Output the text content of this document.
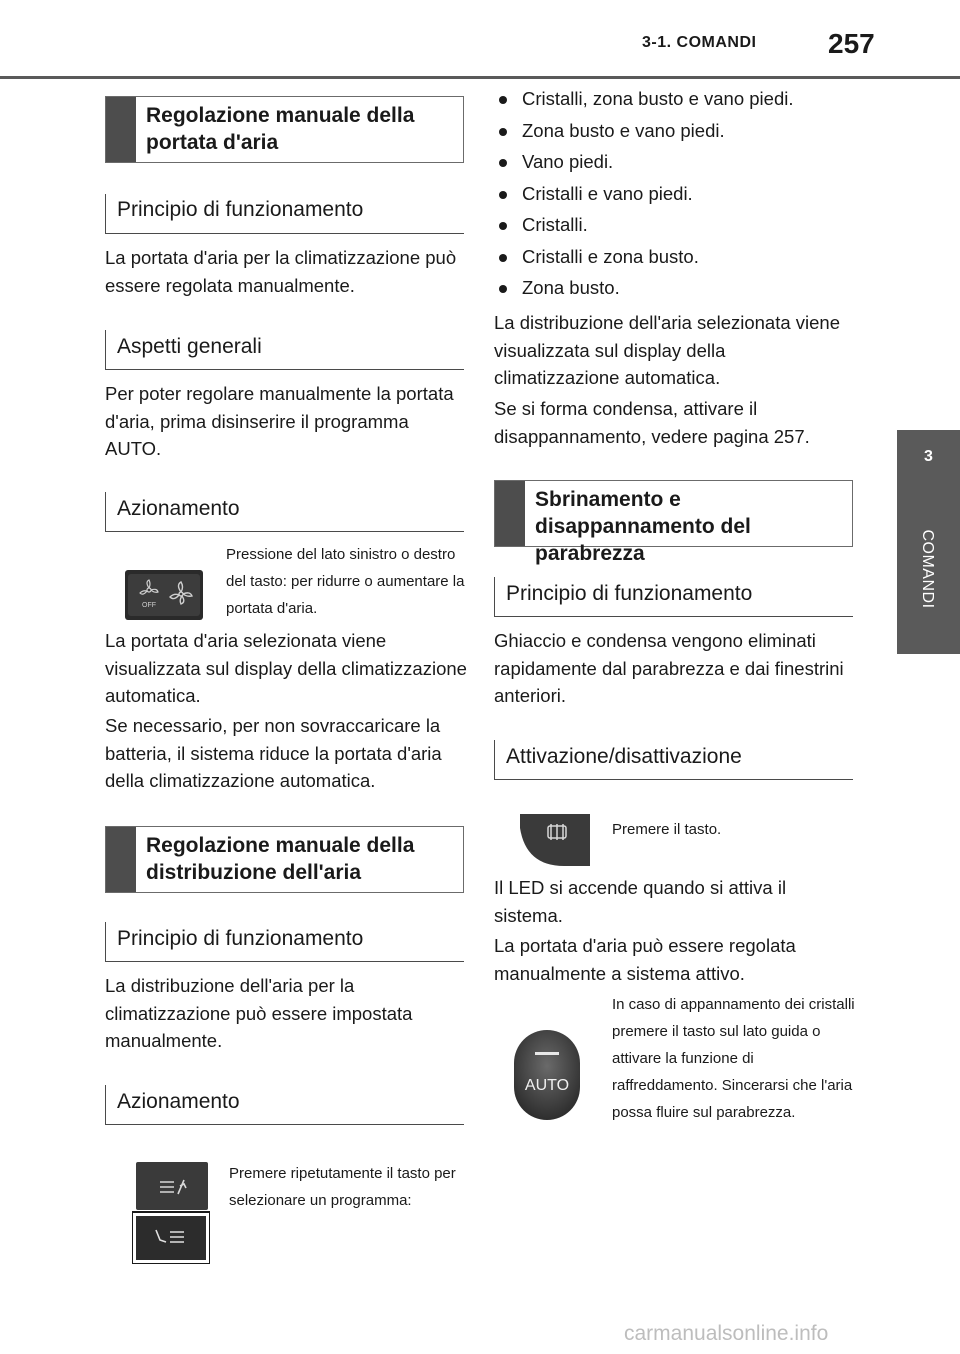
3-1. COMANDI	257
3
COMANDI
Regolazione manuale della portata d'aria
Principio di funzionamento
La portata d'aria per la climatizzazione può essere regolata manualmente.
Aspetti generali
Per poter regolare manualmente la portata d'aria, prima disinserire il programma AUTO.
Azionamento
OFF
Pressione del lato sinistro o destro del tasto: per ridurre o aumentare la portata d'aria.
La portata d'aria selezionata viene visualizzata sul display della climatizzazione automatica.
Se necessario, per non sovraccaricare la batteria, il sistema riduce la portata d'aria della climatizzazione automatica.
Regolazione manuale della distribuzione dell'aria
Principio di funzionamento
La distribuzione dell'aria per la climatizzazione può essere impostata manualmente.
Azionamento
Premere ripetutamente il tasto per selezionare un programma:
Cristalli, zona busto e vano piedi.
Zona busto e vano piedi.
Vano piedi.
Cristalli e vano piedi.
Cristalli.
Cristalli e zona busto.
Zona busto.
La distribuzione dell'aria selezionata viene visualizzata sul display della climatizzazione automatica.
Se si forma condensa, attivare il disappannamento, vedere pagina 257.
Sbrinamento e disappannamento del parabrezza
Principio di funzionamento
Ghiaccio e condensa vengono eliminati rapidamente dal parabrezza e dai finestrini anteriori.
Attivazione/disattivazione
Premere il tasto.
Il LED si accende quando si attiva il sistema.
La portata d'aria può essere regolata manualmente a sistema attivo.
AUTO
In caso di appannamento dei cristalli premere il tasto sul lato guida o attivare la funzione di raffreddamento. Sincerarsi che l'aria possa fluire sul parabrezza.
carmanualsonline.info
